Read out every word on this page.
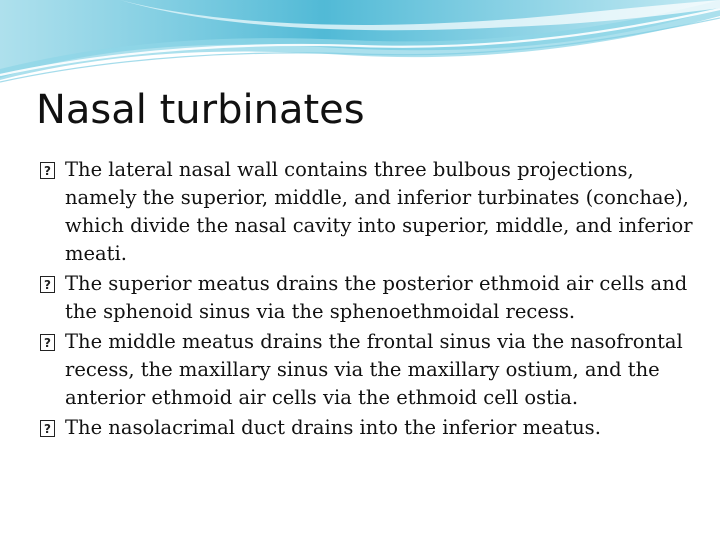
Nasal turbinates
?
The lateral nasal wall contains three bulbous projections, namely the superior, middle, and inferior turbinates (conchae), which divide the nasal cavity into superior, middle, and inferior meati.
?
The superior meatus drains the posterior ethmoid air cells and the sphenoid sinus via the sphenoethmoidal recess.
?
The middle meatus drains the frontal sinus via the nasofrontal recess, the maxillary sinus via the maxillary ostium, and the anterior ethmoid air cells via the ethmoid cell ostia.
?
The nasolacrimal duct drains into the inferior meatus.
